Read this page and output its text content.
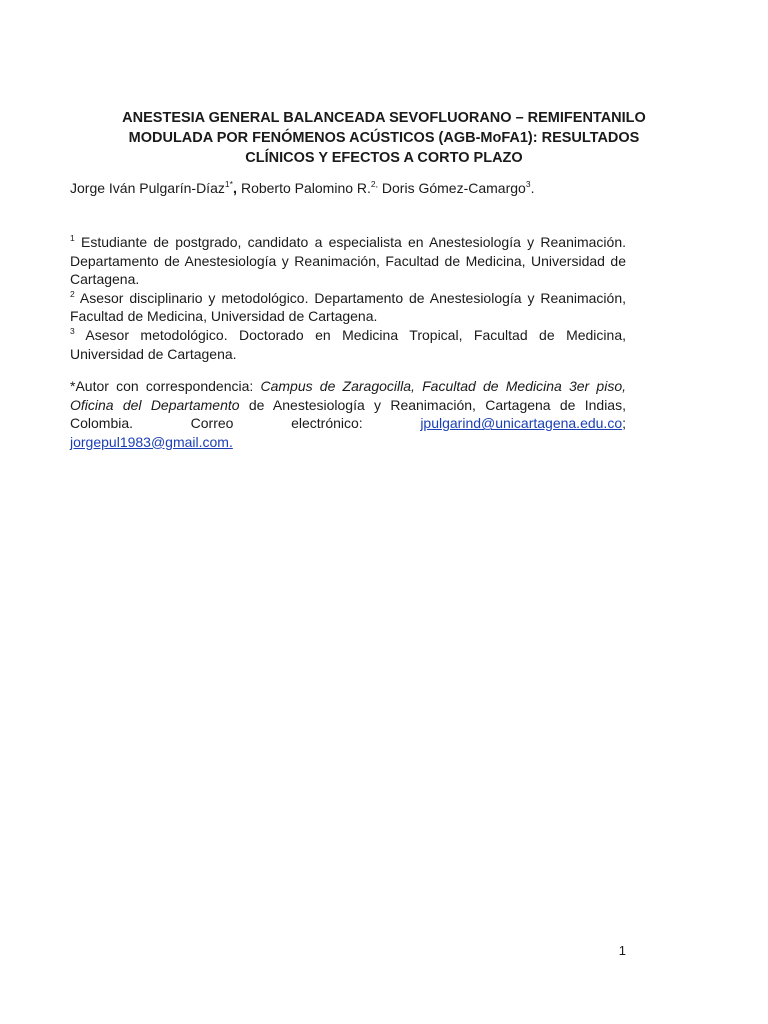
ANESTESIA GENERAL BALANCEADA SEVOFLUORANO – REMIFENTANILO
MODULADA POR FENÓMENOS ACÚSTICOS (AGB-MoFA1): RESULTADOS
CLÍNICOS Y EFECTOS A CORTO PLAZO
Jorge Iván Pulgarín-Díaz$^{1*}$, Roberto Palomino R.$^{2,}$ Doris Gómez-Camargo$^3$.

$^1$ Estudiante de postgrado, candidato a especialista en Anestesiología y Reanimación. Departamento de Anestesiología y Reanimación, Facultad de Medicina, Universidad de Cartagena.

$^2$ Asesor disciplinario y metodológico. Departamento de Anestesiología y Reanimación, Facultad de Medicina, Universidad de Cartagena.

$^3$ Asesor metodológico. Doctorado en Medicina Tropical, Facultad de Medicina, Universidad de Cartagena.

*Autor con correspondencia: Campus de Zaragocilla, Facultad de Medicina 3er piso, Oficina del Departamento de Anestesiología y Reanimación, Cartagena de Indias, Colombia. Correo electrónico: jpulgarind@unicartagena.edu.co; jorgepul1983@gmail.com.

1
